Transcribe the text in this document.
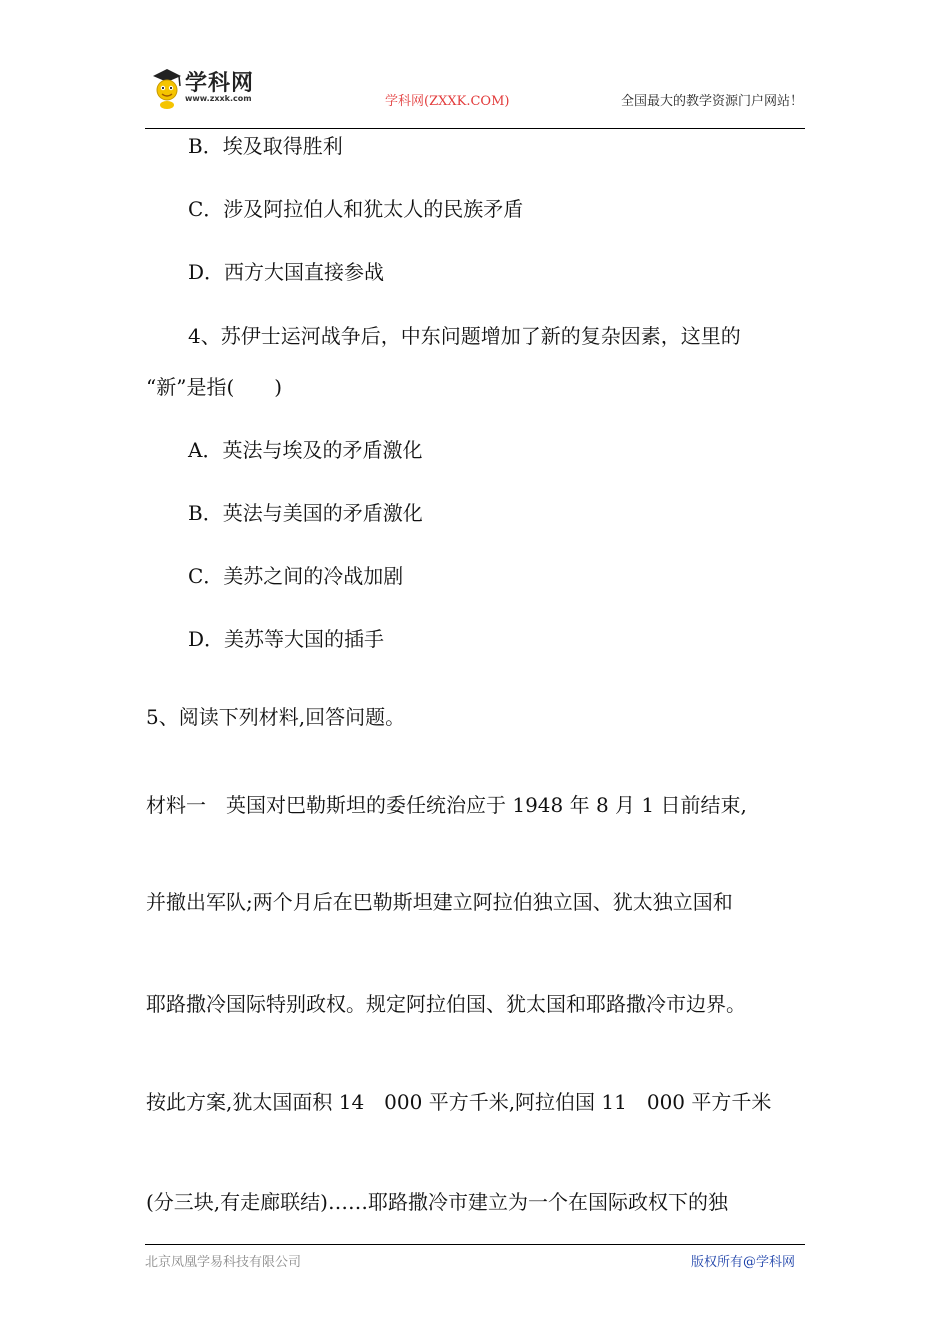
学科网
www.zxxk.com	学科网(ZXXK.COM)	全国最大的教学资源门户网站！
B．埃及取得胜利
C．涉及阿拉伯人和犹太人的民族矛盾
D．西方大国直接参战
4、苏伊士运河战争后，中东问题增加了新的复杂因素，这里的
“新”是指(　　)
A．英法与埃及的矛盾激化
B．英法与美国的矛盾激化
C．美苏之间的冷战加剧
D．美苏等大国的插手
5、阅读下列材料,回答问题。
材料一　英国对巴勒斯坦的委任统治应于 1948 年 8 月 1 日前结束,
并撤出军队;两个月后在巴勒斯坦建立阿拉伯独立国、犹太独立国和
耶路撒冷国际特别政权。规定阿拉伯国、犹太国和耶路撒冷市边界。
按此方案,犹太国面积 14　000 平方千米,阿拉伯国 11　000 平方千米
(分三块,有走廊联结)……耶路撒冷市建立为一个在国际政权下的独
北京凤凰学易科技有限公司	版权所有@学科网
